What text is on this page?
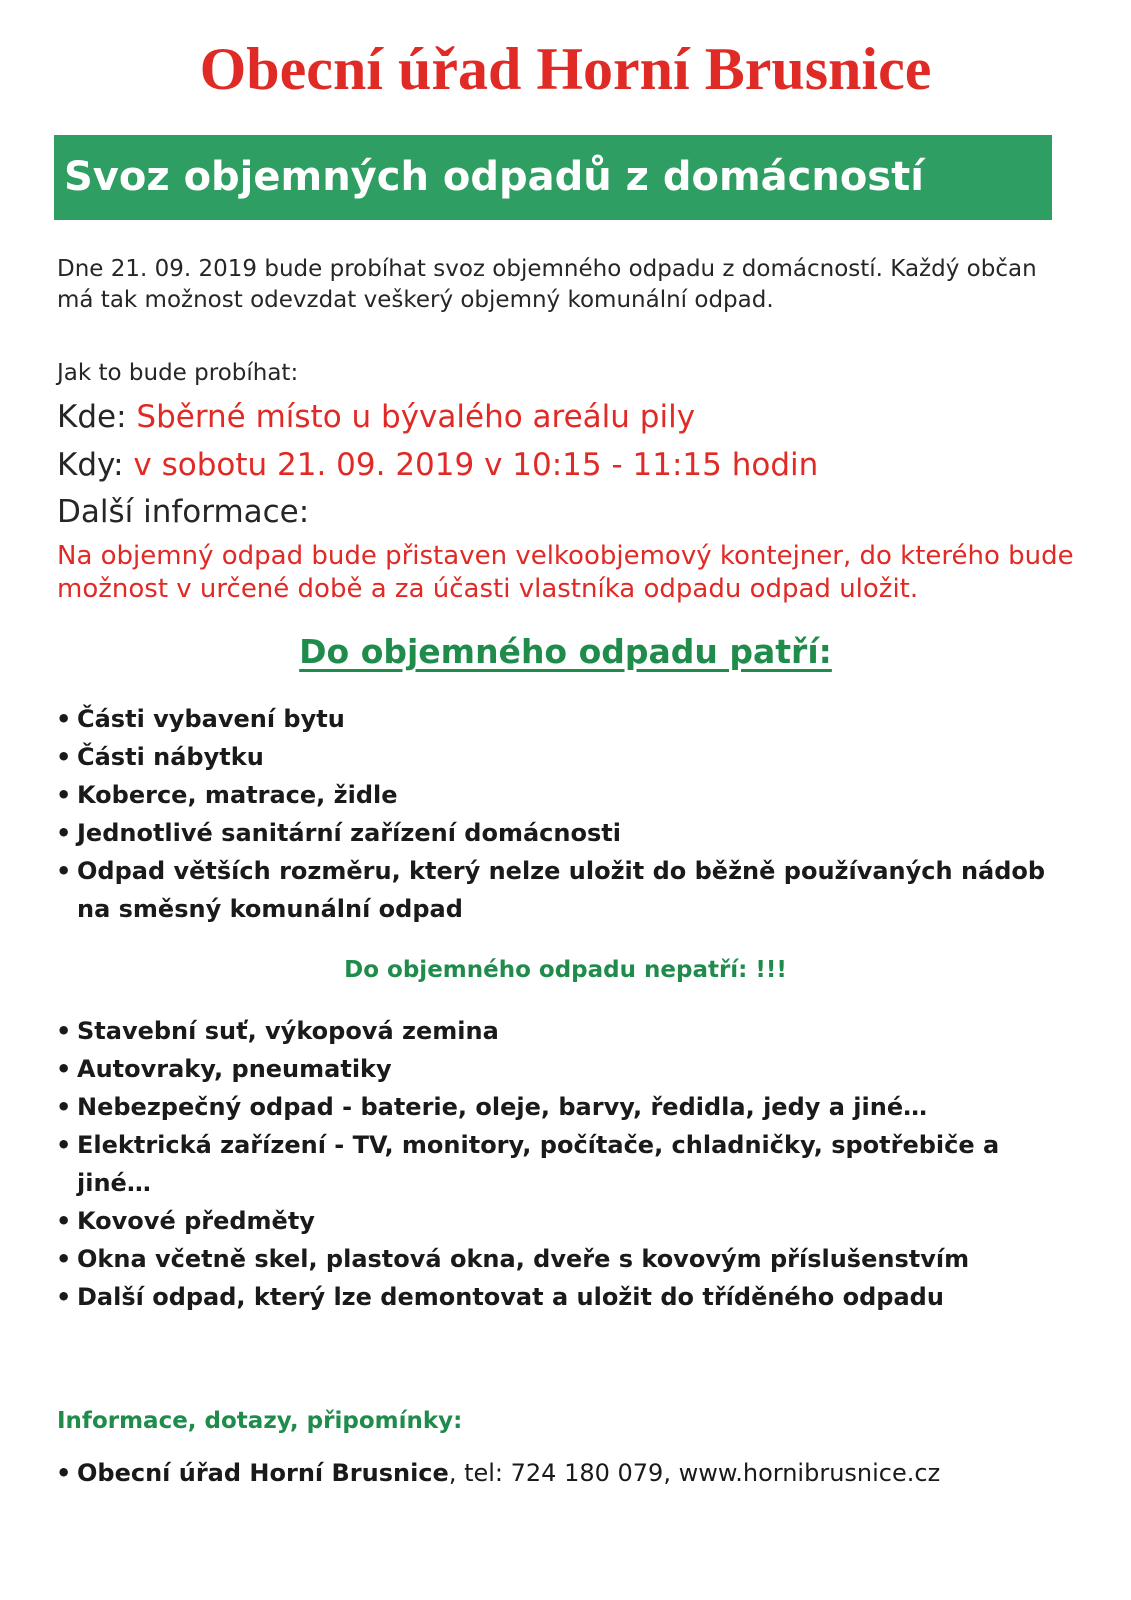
Obecní úřad Horní Brusnice
Svoz objemných odpadů z domácností

Dne 21. 09. 2019 bude probíhat svoz objemného odpadu z domácností. Každý občan má tak možnost odevzdat veškerý objemný komunální odpad.

Jak to bude probíhat:

Kde: Sběrné místo u bývalého areálu pily

Kdy: v sobotu 21. 09. 2019 v 10:15 - 11:15 hodin

Další informace:

Na objemný odpad bude přistaven velkoobjemový kontejner, do kterého bude možnost v určené době a za účasti vlastníka odpadu odpad uložit.

Do objemného odpadu patří:
• Části vybavení bytu
• Části nábytku
• Koberce, matrace, židle
• Jednotlivé sanitární zařízení domácnosti
• Odpad větších rozměru, který nelze uložit do běžně používaných nádob na směsný komunální odpad
Do objemného odpadu nepatří: !!!
• Stavební suť, výkopová zemina
• Autovraky, pneumatiky
• Nebezpečný odpad - baterie, oleje, barvy, ředidla, jedy a jiné…
• Elektrická zařízení - TV, monitory, počítače, chladničky, spotřebiče a jiné…
• Kovové předměty
• Okna včetně skel, plastová okna, dveře s kovovým příslušenstvím
• Další odpad, který lze demontovat a uložit do tříděného odpadu

Informace, dotazy, připomínky:

• Obecní úřad Horní Brusnice, tel: 724 180 079, www.hornibrusnice.cz
